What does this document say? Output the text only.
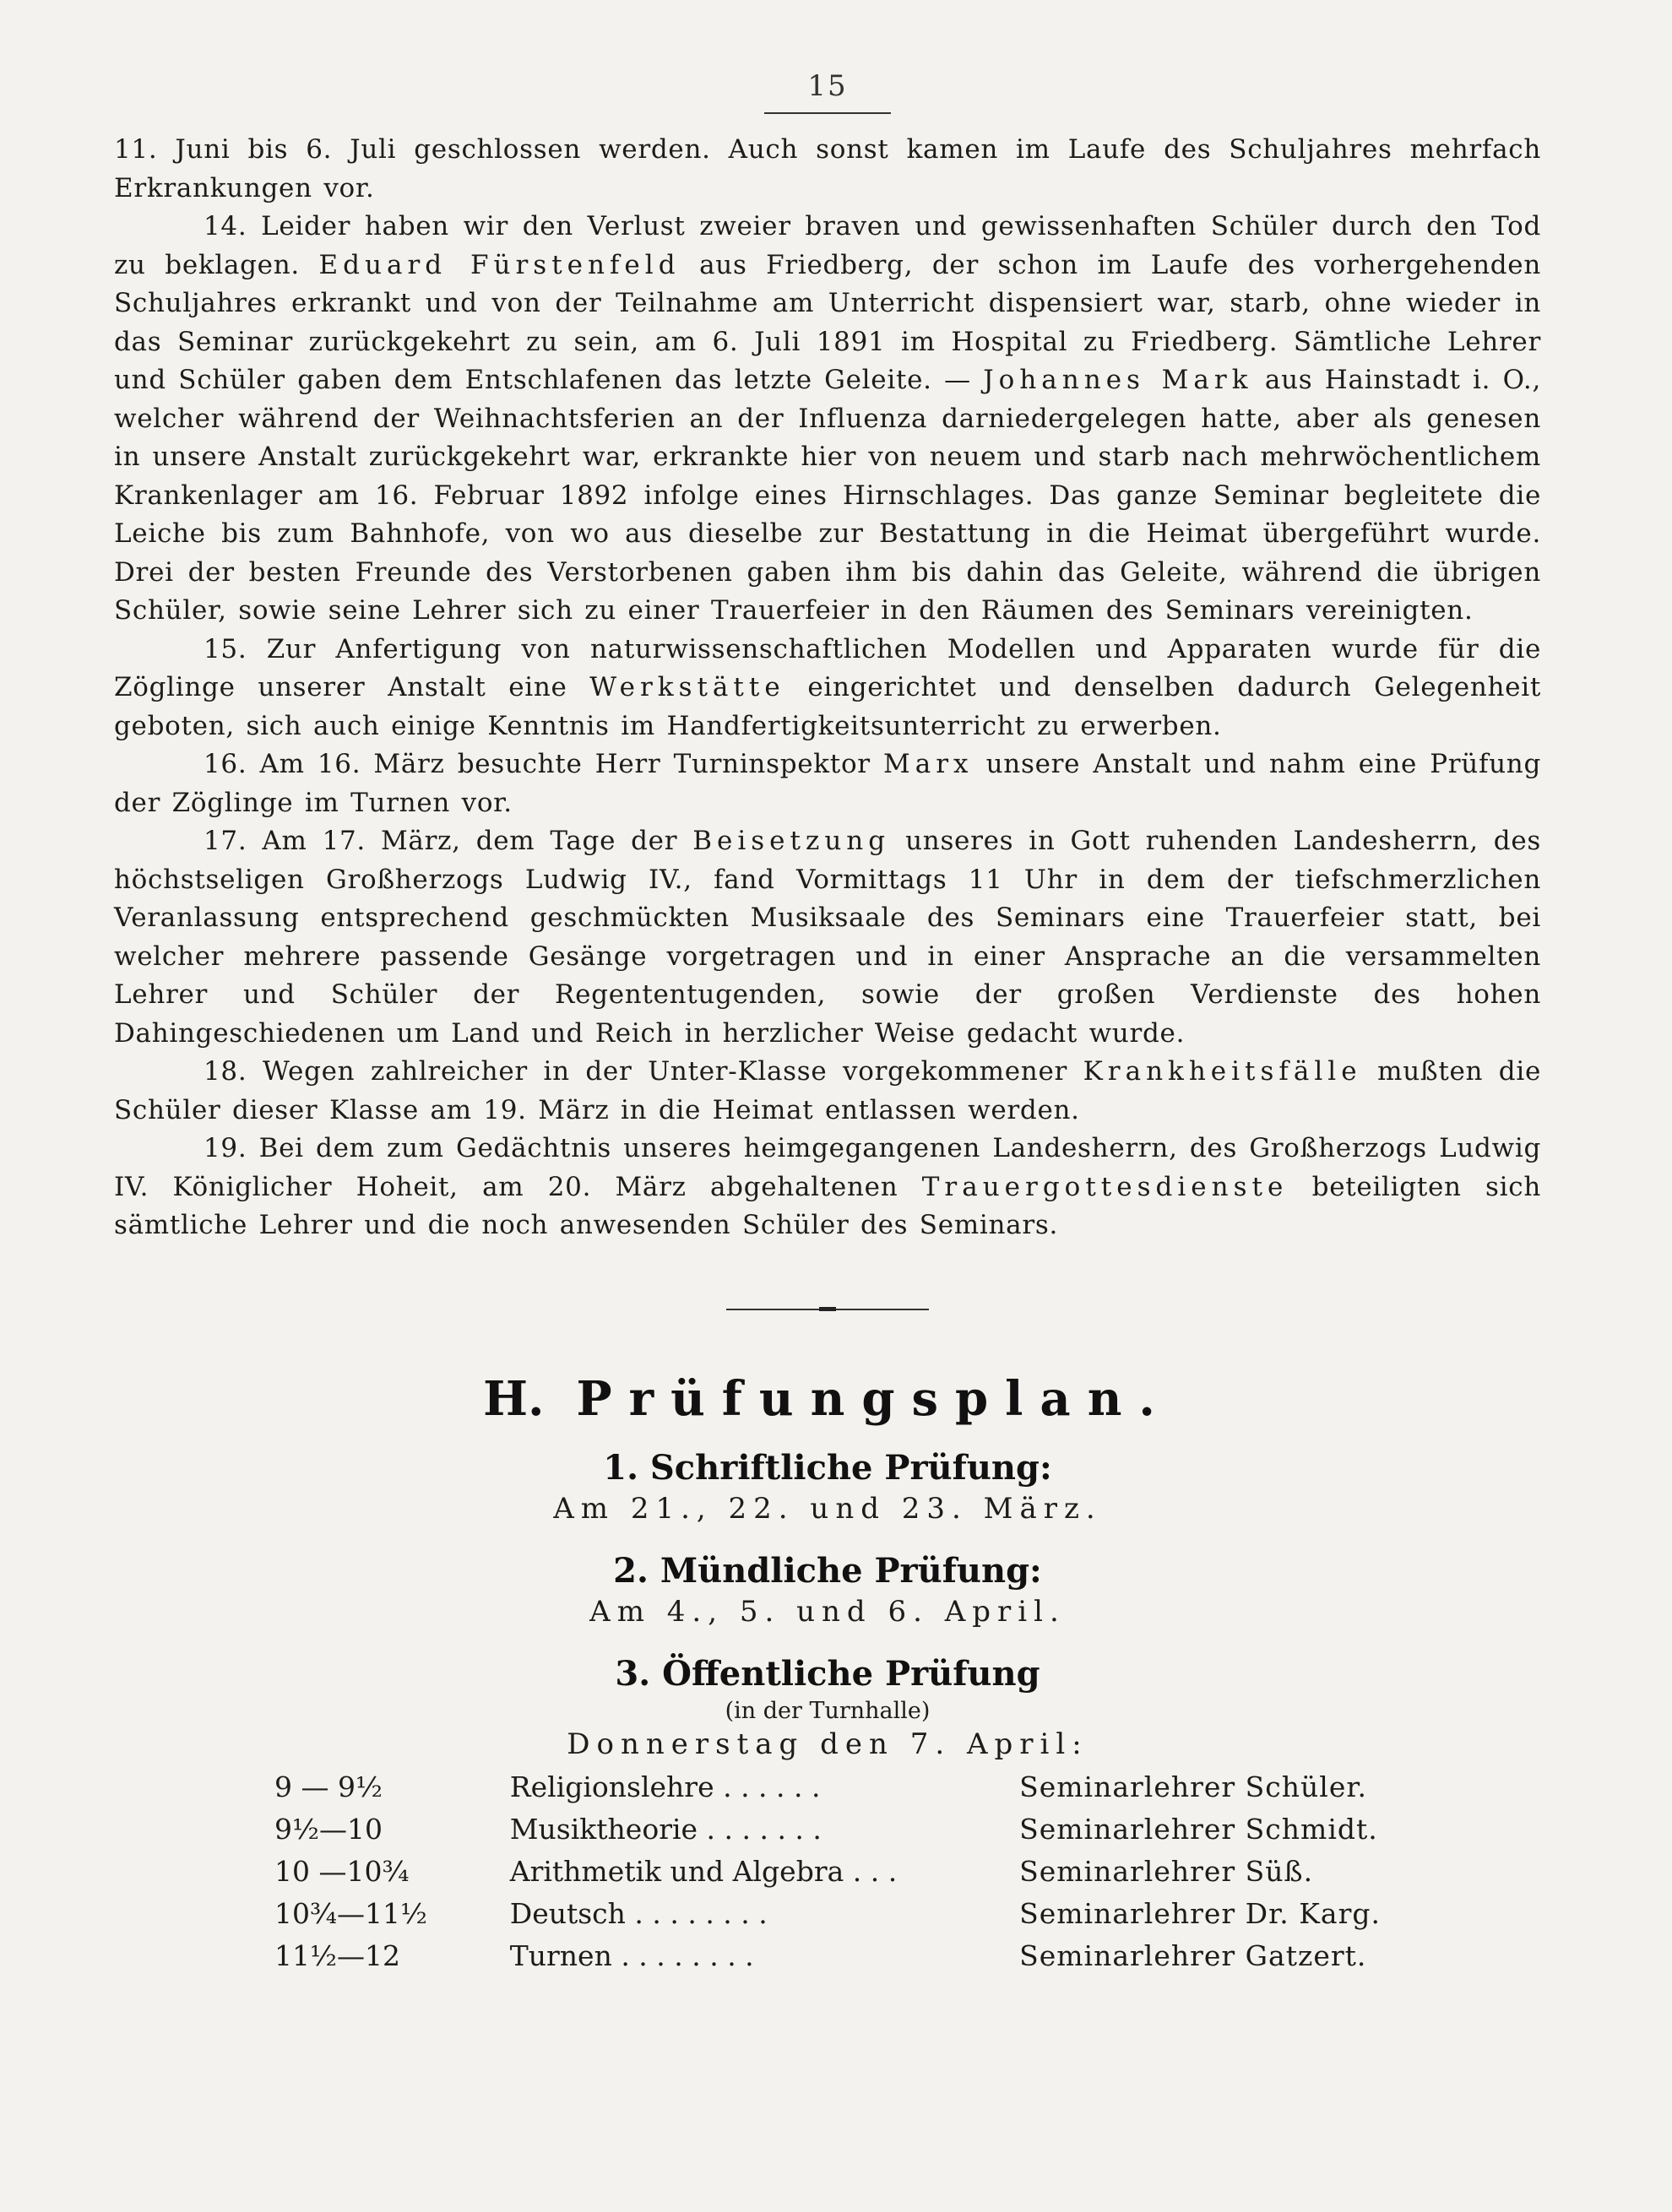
15

11. Juni bis 6. Juli geschlossen werden. Auch sonst kamen im Laufe des Schuljahres mehrfach Erkrankungen vor.

14. Leider haben wir den Verlust zweier braven und gewissenhaften Schüler durch den Tod zu beklagen. Eduard Fürstenfeld aus Friedberg, der schon im Laufe des vorhergehenden Schuljahres erkrankt und von der Teilnahme am Unterricht dispensiert war, starb, ohne wieder in das Seminar zurückgekehrt zu sein, am 6. Juli 1891 im Hospital zu Friedberg. Sämtliche Lehrer und Schüler gaben dem Entschlafenen das letzte Geleite. — Johannes Mark aus Hainstadt i. O., welcher während der Weihnachtsferien an der Influenza darniedergelegen hatte, aber als genesen in unsere Anstalt zurückgekehrt war, erkrankte hier von neuem und starb nach mehrwöchentlichem Krankenlager am 16. Februar 1892 infolge eines Hirnschlages. Das ganze Seminar begleitete die Leiche bis zum Bahnhofe, von wo aus dieselbe zur Bestattung in die Heimat übergeführt wurde. Drei der besten Freunde des Verstorbenen gaben ihm bis dahin das Geleite, während die übrigen Schüler, sowie seine Lehrer sich zu einer Trauerfeier in den Räumen des Seminars vereinigten.

15. Zur Anfertigung von naturwissenschaftlichen Modellen und Apparaten wurde für die Zöglinge unserer Anstalt eine Werkstätte eingerichtet und denselben dadurch Gelegenheit geboten, sich auch einige Kenntnis im Handfertigkeitsunterricht zu erwerben.

16. Am 16. März besuchte Herr Turninspektor Marx unsere Anstalt und nahm eine Prüfung der Zöglinge im Turnen vor.

17. Am 17. März, dem Tage der Beisetzung unseres in Gott ruhenden Landesherrn, des höchstseligen Großherzogs Ludwig IV., fand Vormittags 11 Uhr in dem der tiefschmerzlichen Veranlassung entsprechend geschmückten Musiksaale des Seminars eine Trauerfeier statt, bei welcher mehrere passende Gesänge vorgetragen und in einer Ansprache an die versammelten Lehrer und Schüler der Regententugenden, sowie der großen Verdienste des hohen Dahingeschiedenen um Land und Reich in herzlicher Weise gedacht wurde.

18. Wegen zahlreicher in der Unter-Klasse vorgekommener Krankheitsfälle mußten die Schüler dieser Klasse am 19. März in die Heimat entlassen werden.

19. Bei dem zum Gedächtnis unseres heimgegangenen Landesherrn, des Großherzogs Ludwig IV. Königlicher Hoheit, am 20. März abgehaltenen Trauergottesdienste beteiligten sich sämtliche Lehrer und die noch anwesenden Schüler des Seminars.

H. Prüfungsplan.
1. Schriftliche Prüfung:
Am 21., 22. und 23. März.
2. Mündliche Prüfung:
Am 4., 5. und 6. April.
3. Öffentliche Prüfung
(in der Turnhalle)
Donnerstag den 7. April:
9 — 9½	Religionslehre . . . . . .	Seminarlehrer Schüler.
9½—10	Musiktheorie . . . . . . .	Seminarlehrer Schmidt.
10 —10¾	Arithmetik und Algebra . . .	Seminarlehrer Süß.
10¾—11½	Deutsch . . . . . . . .	Seminarlehrer Dr. Karg.
11½—12	Turnen . . . . . . . .	Seminarlehrer Gatzert.
